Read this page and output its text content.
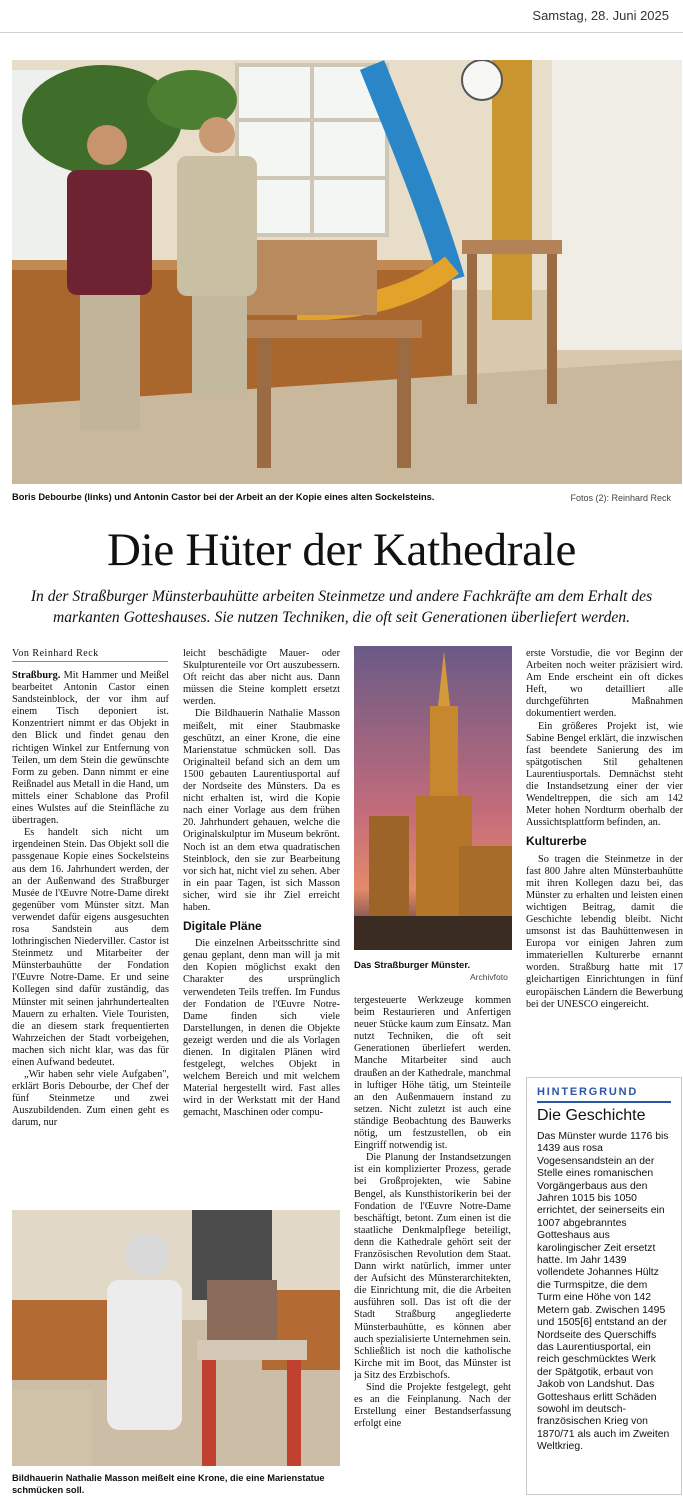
Samstag, 28. Juni 2025
Boris Debourbe (links) und Antonin Castor bei der Arbeit an der Kopie eines alten Sockelsteins.	Fotos (2): Reinhard Reck
Die Hüter der Kathedrale
In der Straßburger Münsterbauhütte arbeiten Steinmetze und andere Fachkräfte am dem Erhalt des markanten Gotteshauses. Sie nutzen Techniken, die oft seit Generationen überliefert werden.
Von Reinhard Reck

Straßburg. Mit Hammer und Meißel bearbeitet Antonin Castor einen Sandsteinblock, der vor ihm auf einem Tisch deponiert ist. Konzentriert nimmt er das Objekt in den Blick und findet genau den richtigen Winkel zur Entfernung von Teilen, um dem Stein die gewünschte Form zu geben. Dann nimmt er eine Reißnadel aus Metall in die Hand, um mittels einer Schablone das Profil eines Wulstes auf die Steinfläche zu übertragen.

Es handelt sich nicht um irgendeinen Stein. Das Objekt soll die passgenaue Kopie eines Sockelsteins aus dem 16. Jahrhundert werden, der an der Außenwand des Straßburger Musée de l'Œuvre Notre-Dame direkt gegenüber vom Münster sitzt. Man verwendet dafür eigens ausgesuchten rosa Sandstein aus dem lothringischen Niederviller. Castor ist Steinmetz und Mitarbeiter der Münsterbauhütte der Fondation l'Œuvre Notre-Dame. Er und seine Kollegen sind dafür zuständig, das Münster mit seinen jahrhundertealten Mauern zu erhalten. Viele Touristen, die an diesem stark frequentierten Wahrzeichen der Stadt vorbeigehen, machen sich nicht klar, was das für einen Aufwand bedeutet.

„Wir haben sehr viele Aufgaben", erklärt Boris Debourbe, der Chef der fünf Steinmetze und zwei Auszubildenden. Zum einen geht es darum, nur

leicht beschädigte Mauer- oder Skulpturenteile vor Ort auszubessern. Oft reicht das aber nicht aus. Dann müssen die Steine komplett ersetzt werden.

Die Bildhauerin Nathalie Masson meißelt, mit einer Staubmaske geschützt, an einer Krone, die eine Marienstatue schmücken soll. Das Originalteil befand sich an dem um 1500 gebauten Laurentiusportal auf der Nordseite des Münsters. Da es nicht erhalten ist, wird die Kopie nach einer Vorlage aus dem frühen 20. Jahrhundert gehauen, welche die Originalskulptur im Museum bekrönt. Noch ist an dem etwa quadratischen Steinblock, den sie zur Bearbeitung vor sich hat, nicht viel zu sehen. Aber in ein paar Tagen, ist sich Masson sicher, wird sie ihr Ziel erreicht haben.

Digitale Pläne

Die einzelnen Arbeitsschritte sind genau geplant, denn man will ja mit den Kopien möglichst exakt den Charakter des ursprünglich verwendeten Teils treffen. Im Fundus der Fondation de l'Œuvre Notre-Dame finden sich viele Darstellungen, in denen die Objekte gezeigt werden und die als Vorlagen dienen. In digitalen Plänen wird festgelegt, welches Objekt in welchem Bereich und mit welchem Material hergestellt wird. Fast alles wird in der Werkstatt mit der Hand gemacht, Maschinen oder compu-

Das Straßburger Münster.
Archivfoto

tergesteuerte Werkzeuge kommen beim Restaurieren und Anfertigen neuer Stücke kaum zum Einsatz. Man nutzt Techniken, die oft seit Generationen überliefert werden. Manche Mitarbeiter sind auch draußen an der Kathedrale, manchmal in luftiger Höhe tätig, um Steinteile an den Außenmauern instand zu setzen. Nicht zuletzt ist auch eine ständige Beobachtung des Bauwerks nötig, um festzustellen, ob ein Eingriff notwendig ist.

Die Planung der Instandsetzungen ist ein komplizierter Prozess, gerade bei Großprojekten, wie Sabine Bengel, als Kunsthistorikerin bei der Fondation de l'Œuvre Notre-Dame beschäftigt, betont. Zum einen ist die staatliche Denkmalpflege beteiligt, denn die Kathedrale gehört seit der Französischen Revolution dem Staat. Dann wirkt natürlich, immer unter der Aufsicht des Münsterarchitekten, die Einrichtung mit, die die Arbeiten ausführen soll. Das ist oft die der Stadt Straßburg angegliederte Münsterbauhütte, es können aber auch spezialisierte Unternehmen sein. Schließlich ist noch die katholische Kirche mit im Boot, das Münster ist ja Sitz des Erzbischofs.

Sind die Projekte festgelegt, geht es an die Feinplanung. Nach der Erstellung einer Bestandserfassung erfolgt eine

erste Vorstudie, die vor Beginn der Arbeiten noch weiter präzisiert wird. Am Ende erscheint ein oft dickes Heft, wo detailliert alle durchgeführten Maßnahmen dokumentiert werden.

Ein größeres Projekt ist, wie Sabine Bengel erklärt, die inzwischen fast beendete Sanierung des im spätgotischen Stil gehaltenen Laurentiusportals. Demnächst steht die Instandsetzung einer der vier Wendeltreppen, die sich am 142 Meter hohen Nordturm oberhalb der Aussichtsplattform befinden, an.

Kulturerbe

So tragen die Steinmetze in der fast 800 Jahre alten Münsterbauhütte mit ihren Kollegen dazu bei, das Münster zu erhalten und leisten einen wichtigen Beitrag, damit die Geschichte lebendig bleibt. Nicht umsonst ist das Bauhüttenwesen in Europa vor einigen Jahren zum immateriellen Kulturerbe ernannt worden. Straßburg hatte mit 17 gleichartigen Einrichtungen in fünf europäischen Ländern die Bewerbung bei der UNESCO eingereicht.

Bildhauerin Nathalie Masson meißelt eine Krone, die eine Marienstatue schmücken soll.
HINTERGRUND
Die Geschichte
Das Münster wurde 1176 bis 1439 aus rosa Vogesensandstein an der Stelle eines romanischen Vorgängerbaus aus den Jahren 1015 bis 1050 errichtet, der seinerseits ein 1007 abgebranntes Gotteshaus aus karolingischer Zeit ersetzt hatte. Im Jahr 1439 vollendete Johannes Hültz die Turmspitze, die dem Turm eine Höhe von 142 Metern gab. Zwischen 1495 und 1505[6] entstand an der Nordseite des Querschiffs das Laurentiusportal, ein reich geschmücktes Werk der Spätgotik, erbaut von Jakob von Landshut. Das Gotteshaus erlitt Schäden sowohl im deutsch-französischen Krieg von 1870/71 als auch im Zweiten Weltkrieg.
